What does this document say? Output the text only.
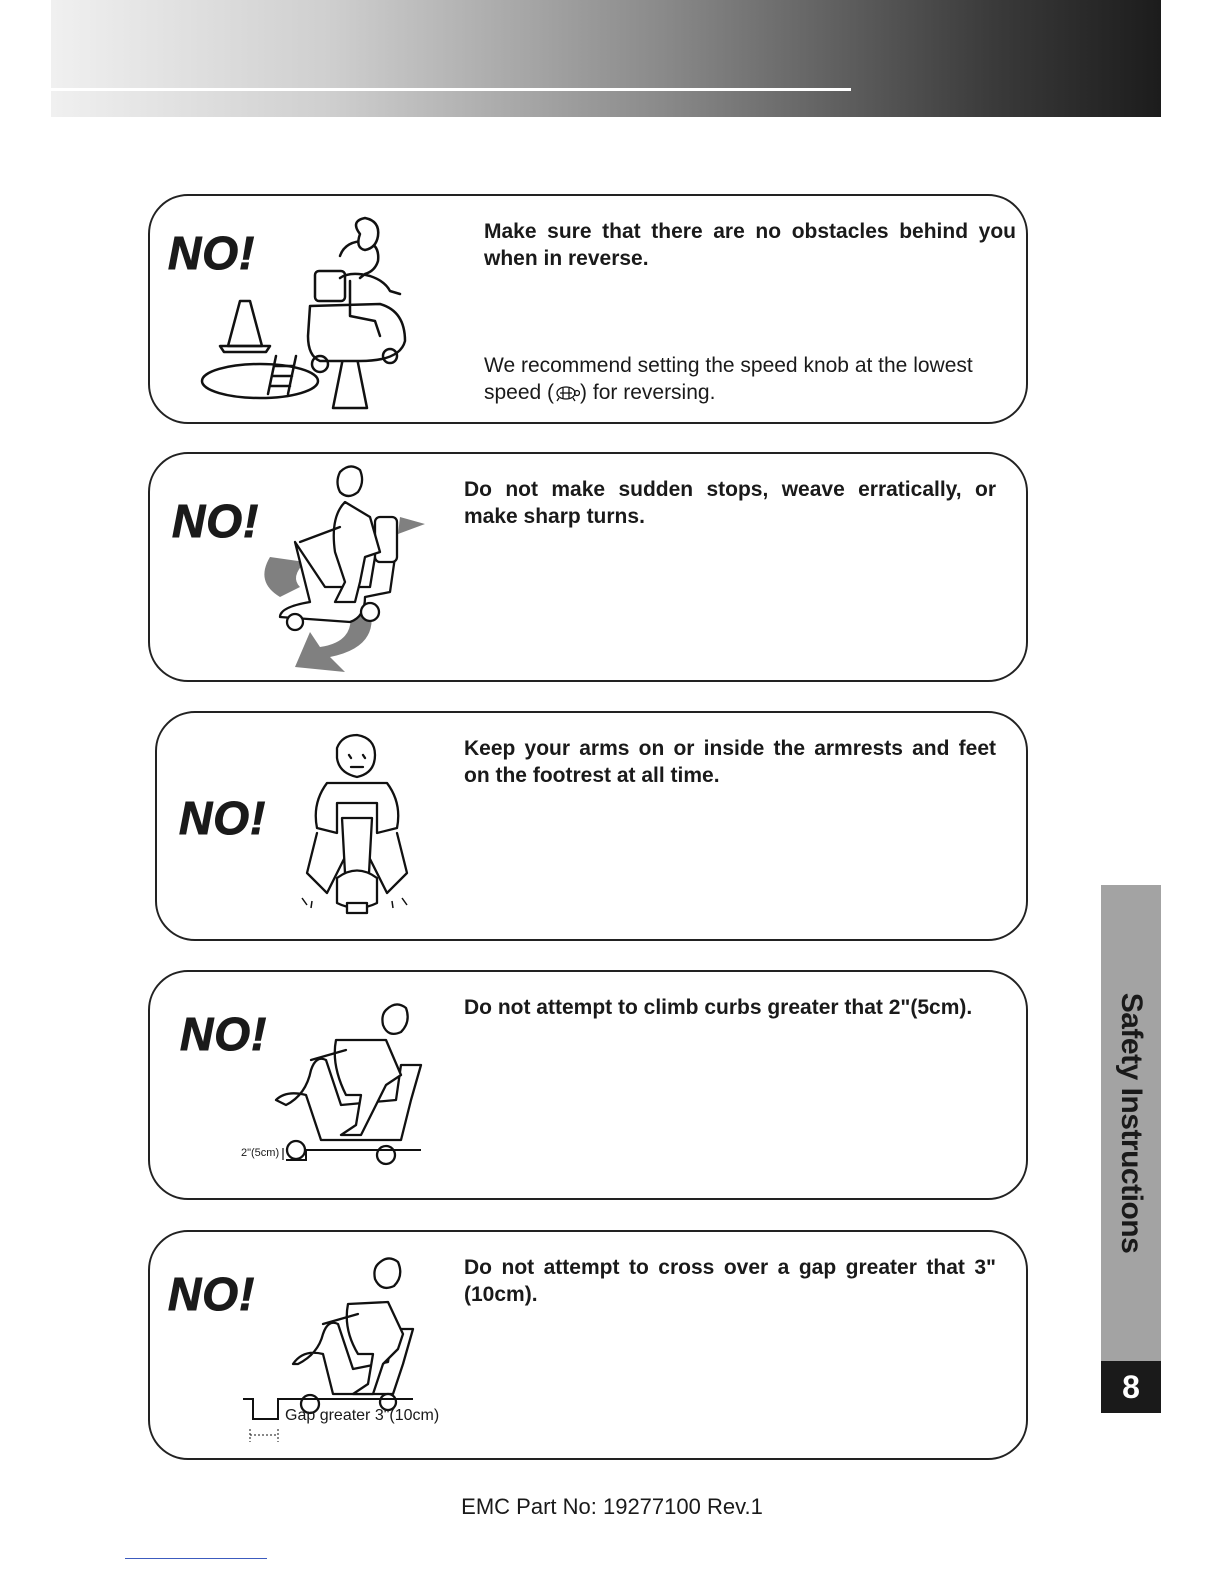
NO!	Make sure that there are no obstacles behind you when in reverse.
We recommend setting the speed knob at the lowest speed ( ) for reversing.
NO!
Do not make sudden stops, weave erratically, or make sharp turns.
NO!
Keep your arms on or inside the armrests and feet on the footrest at all time.
NO!
2"(5cm)
Do not attempt to climb curbs greater that 2"(5cm).
NO!
Gap greater 3"(10cm)
Do not attempt to cross over a gap greater that 3"(10cm).
Safety Instructions
8
EMC Part No: 19277100 Rev.1
